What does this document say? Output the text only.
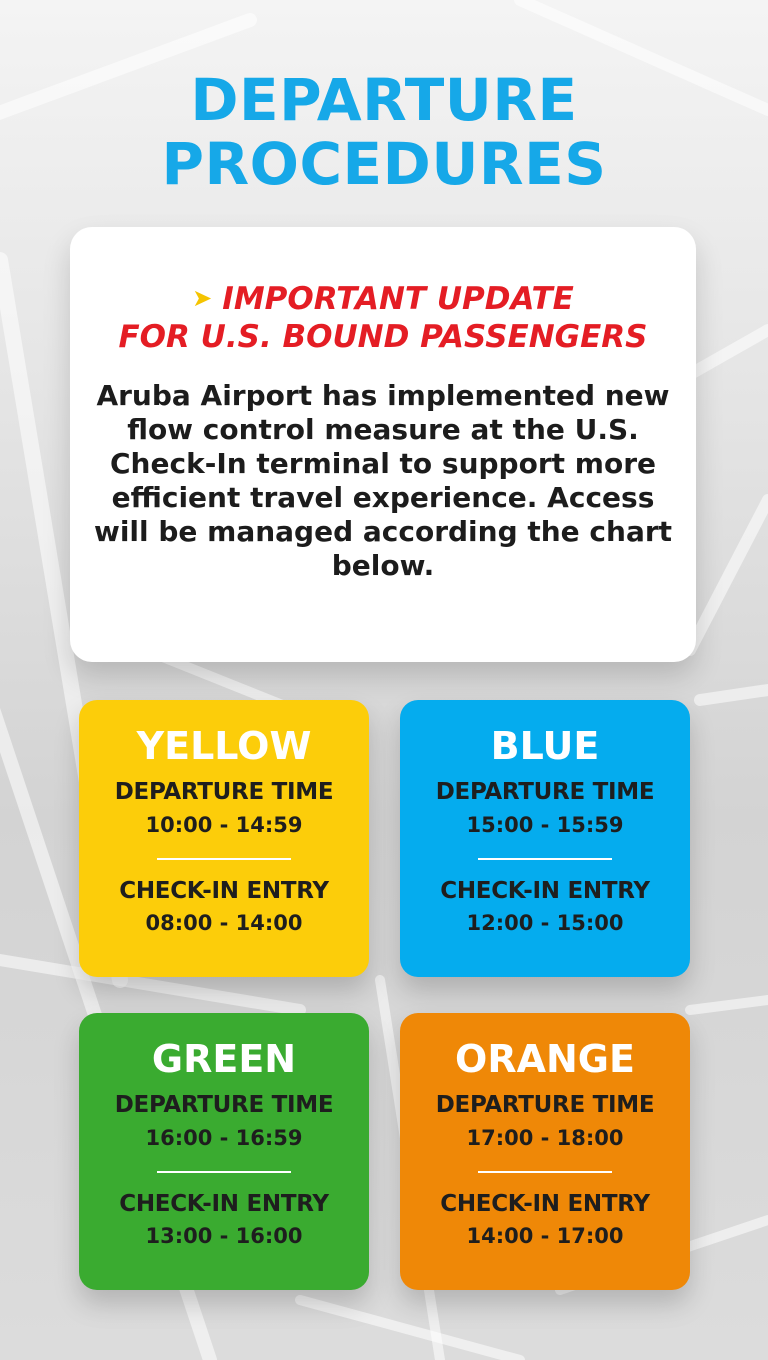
DEPARTURE
PROCEDURES
➤ IMPORTANT UPDATE
FOR U.S. BOUND PASSENGERS
Aruba Airport has implemented new flow control measure at the U.S. Check-In terminal to support more efficient travel experience. Access will be managed according the chart below.
YELLOW
DEPARTURE TIME
10:00 - 14:59
CHECK-IN ENTRY
08:00 - 14:00
BLUE
DEPARTURE TIME
15:00 - 15:59
CHECK-IN ENTRY
12:00 - 15:00
GREEN
DEPARTURE TIME
16:00 - 16:59
CHECK-IN ENTRY
13:00 - 16:00
ORANGE
DEPARTURE TIME
17:00 - 18:00
CHECK-IN ENTRY
14:00 - 17:00
